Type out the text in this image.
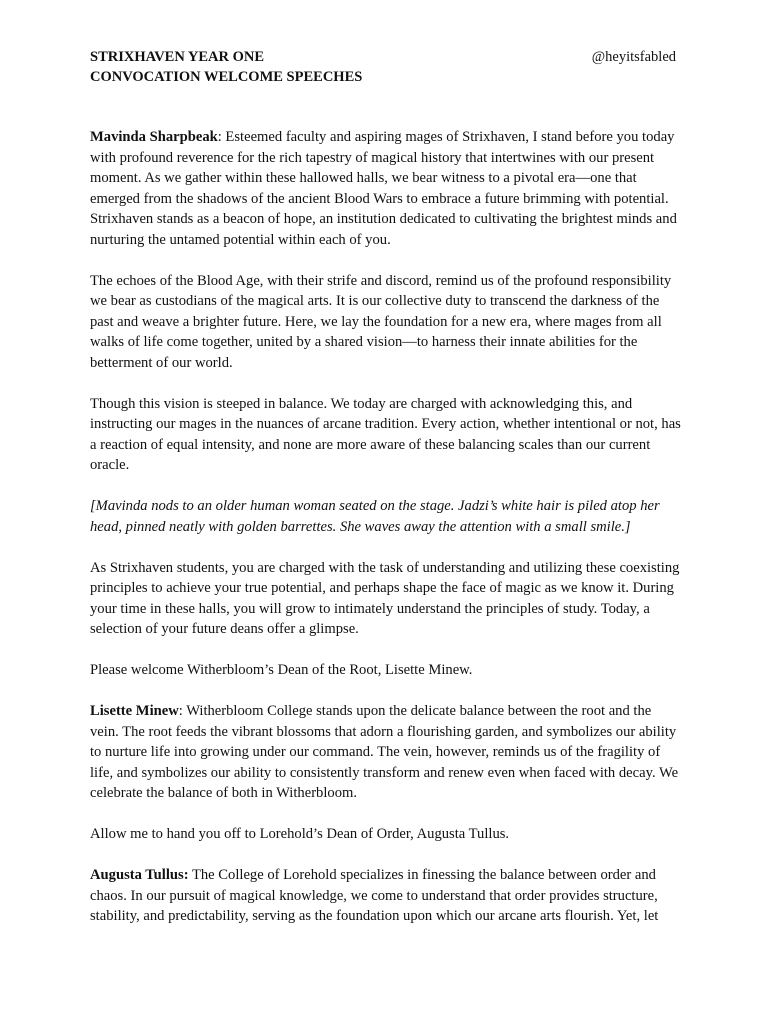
STRIXHAVEN YEAR ONE
CONVOCATION WELCOME SPEECHES
@heyitsfabled

Mavinda Sharpbeak: Esteemed faculty and aspiring mages of Strixhaven, I stand before you today with profound reverence for the rich tapestry of magical history that intertwines with our present moment. As we gather within these hallowed halls, we bear witness to a pivotal era—one that emerged from the shadows of the ancient Blood Wars to embrace a future brimming with potential. Strixhaven stands as a beacon of hope, an institution dedicated to cultivating the brightest minds and nurturing the untamed potential within each of you.

The echoes of the Blood Age, with their strife and discord, remind us of the profound responsibility we bear as custodians of the magical arts. It is our collective duty to transcend the darkness of the past and weave a brighter future. Here, we lay the foundation for a new era, where mages from all walks of life come together, united by a shared vision—to harness their innate abilities for the betterment of our world.

Though this vision is steeped in balance. We today are charged with acknowledging this, and instructing our mages in the nuances of arcane tradition. Every action, whether intentional or not, has a reaction of equal intensity, and none are more aware of these balancing scales than our current oracle.

[Mavinda nods to an older human woman seated on the stage. Jadzi’s white hair is piled atop her head, pinned neatly with golden barrettes. She waves away the attention with a small smile.]

As Strixhaven students, you are charged with the task of understanding and utilizing these coexisting principles to achieve your true potential, and perhaps shape the face of magic as we know it. During your time in these halls, you will grow to intimately understand the principles of study. Today, a selection of your future deans offer a glimpse.

Please welcome Witherbloom’s Dean of the Root, Lisette Minew.

Lisette Minew: Witherbloom College stands upon the delicate balance between the root and the vein. The root feeds the vibrant blossoms that adorn a flourishing garden, and symbolizes our ability to nurture life into growing under our command. The vein, however, reminds us of the fragility of life, and symbolizes our ability to consistently transform and renew even when faced with decay. We celebrate the balance of both in Witherbloom.

Allow me to hand you off to Lorehold’s Dean of Order, Augusta Tullus.

Augusta Tullus: The College of Lorehold specializes in finessing the balance between order and chaos. In our pursuit of magical knowledge, we come to understand that order provides structure, stability, and predictability, serving as the foundation upon which our arcane arts flourish. Yet, let
